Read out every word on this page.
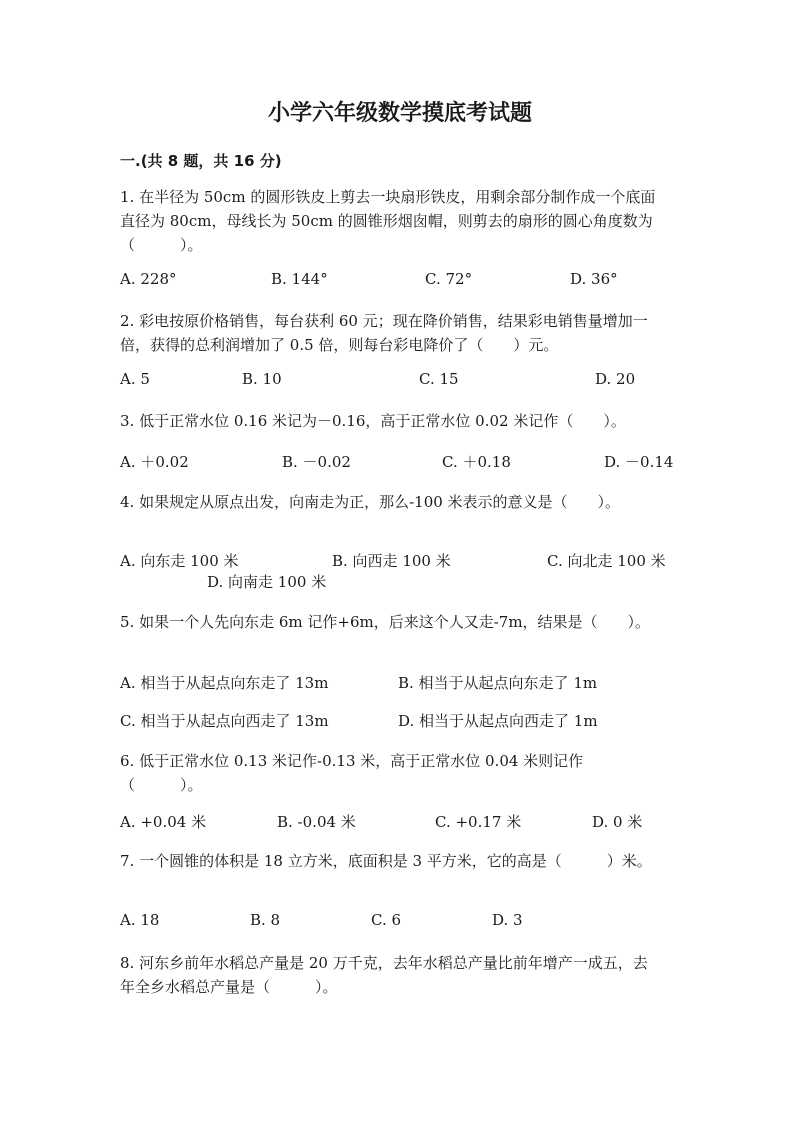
小学六年级数学摸底考试题
一.(共 8 题，共 16 分)
1. 在半径为 50cm 的圆形铁皮上剪去一块扇形铁皮，用剩余部分制作成一个底面
直径为 80cm，母线长为 50cm 的圆锥形烟囱帽，则剪去的扇形的圆心角度数为
（　　　）。
A. 228°	B. 144°	C. 72°	D. 36°
2. 彩电按原价格销售，每台获利 60 元；现在降价销售，结果彩电销售量增加一
倍，获得的总利润增加了 0.5 倍，则每台彩电降价了（　　）元。
A. 5	B. 10	C. 15	D. 20
3. 低于正常水位 0.16 米记为－0.16，高于正常水位 0.02 米记作（　　）。
A. ＋0.02	B. －0.02	C. ＋0.18	D. －0.14
4. 如果规定从原点出发，向南走为正，那么-100 米表示的意义是（　　）。
A. 向东走 100 米	B. 向西走 100 米	C. 向北走 100 米
D. 向南走 100 米
5. 如果一个人先向东走 6m 记作+6m，后来这个人又走-7m，结果是（　　）。
A. 相当于从起点向东走了 13m	B. 相当于从起点向东走了 1m
C. 相当于从起点向西走了 13m	D. 相当于从起点向西走了 1m
6. 低于正常水位 0.13 米记作-0.13 米，高于正常水位 0.04 米则记作
（　　　）。
A. +0.04 米	B. -0.04 米	C. +0.17 米	D. 0 米
7. 一个圆锥的体积是 18 立方米，底面积是 3 平方米，它的高是（　　　）米。
A. 18	B. 8	C. 6	D. 3
8. 河东乡前年水稻总产量是 20 万千克，去年水稻总产量比前年增产一成五，去
年全乡水稻总产量是（　　　）。
